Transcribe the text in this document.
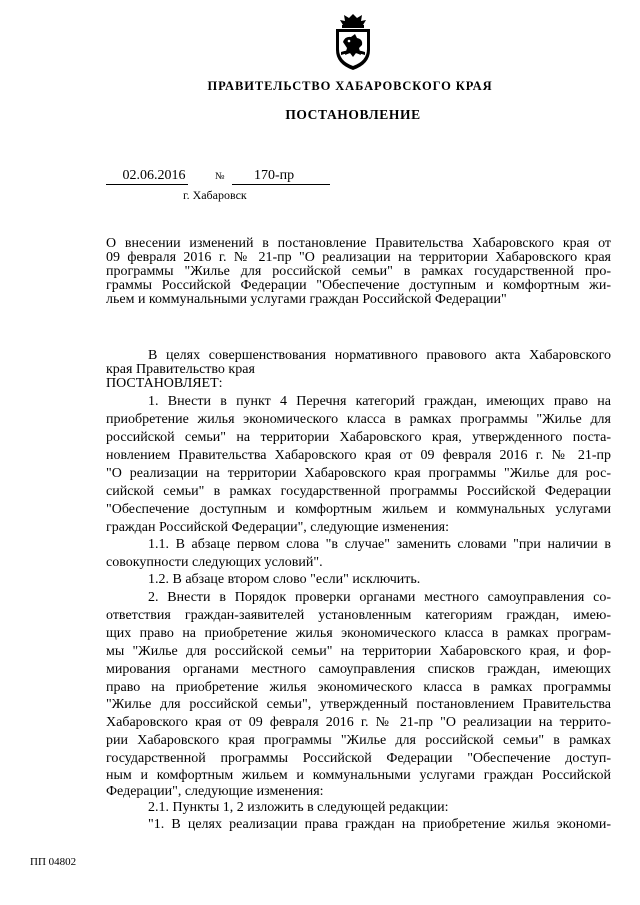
ПРАВИТЕЛЬСТВО ХАБАРОВСКОГО КРАЯ
ПОСТАНОВЛЕНИЕ
02.06.2016	№	170-пр
г. Хабаровск
О внесении изменений в постановление Правительства Хабаровского края от
09 февраля 2016 г. № 21-пр "О реализации на территории Хабаровского края
программы "Жилье для российской семьи" в рамках государственной про-
граммы Российской Федерации "Обеспечение доступным и комфортным жи-
льем и коммунальными услугами граждан Российской Федерации"
В целях совершенствования нормативного правового акта Хабаровского
края Правительство края
ПОСТАНОВЛЯЕТ:
1. Внести в пункт 4 Перечня категорий граждан, имеющих право на
приобретение жилья экономического класса в рамках программы "Жилье для
российской семьи" на территории Хабаровского края, утвержденного поста-
новлением Правительства Хабаровского края от 09 февраля 2016 г. № 21-пр
"О реализации на территории Хабаровского края программы "Жилье для рос-
сийской семьи" в рамках государственной программы Российской Федерации
"Обеспечение доступным и комфортным жильем и коммунальных услугами
граждан Российской Федерации", следующие изменения:
1.1. В абзаце первом слова "в случае" заменить словами "при наличии в
совокупности следующих условий".
1.2. В абзаце втором слово "если" исключить.
2. Внести в Порядок проверки органами местного самоуправления со-
ответствия граждан-заявителей установленным категориям граждан, имею-
щих право на приобретение жилья экономического класса в рамках програм-
мы "Жилье для российской семьи" на территории Хабаровского края, и фор-
мирования органами местного самоуправления списков граждан, имеющих
право на приобретение жилья экономического класса в рамках программы
"Жилье для российской семьи", утвержденный постановлением Правительства
Хабаровского края от 09 февраля 2016 г. № 21-пр "О реализации на террито-
рии Хабаровского края программы "Жилье для российской семьи" в рамках
государственной программы Российской Федерации "Обеспечение доступ-
ным и комфортным жильем и коммунальными услугами граждан Российской
Федерации", следующие изменения:
2.1. Пункты 1, 2 изложить в следующей редакции:
"1. В целях реализации права граждан на приобретение жилья экономи-
ПП 04802
